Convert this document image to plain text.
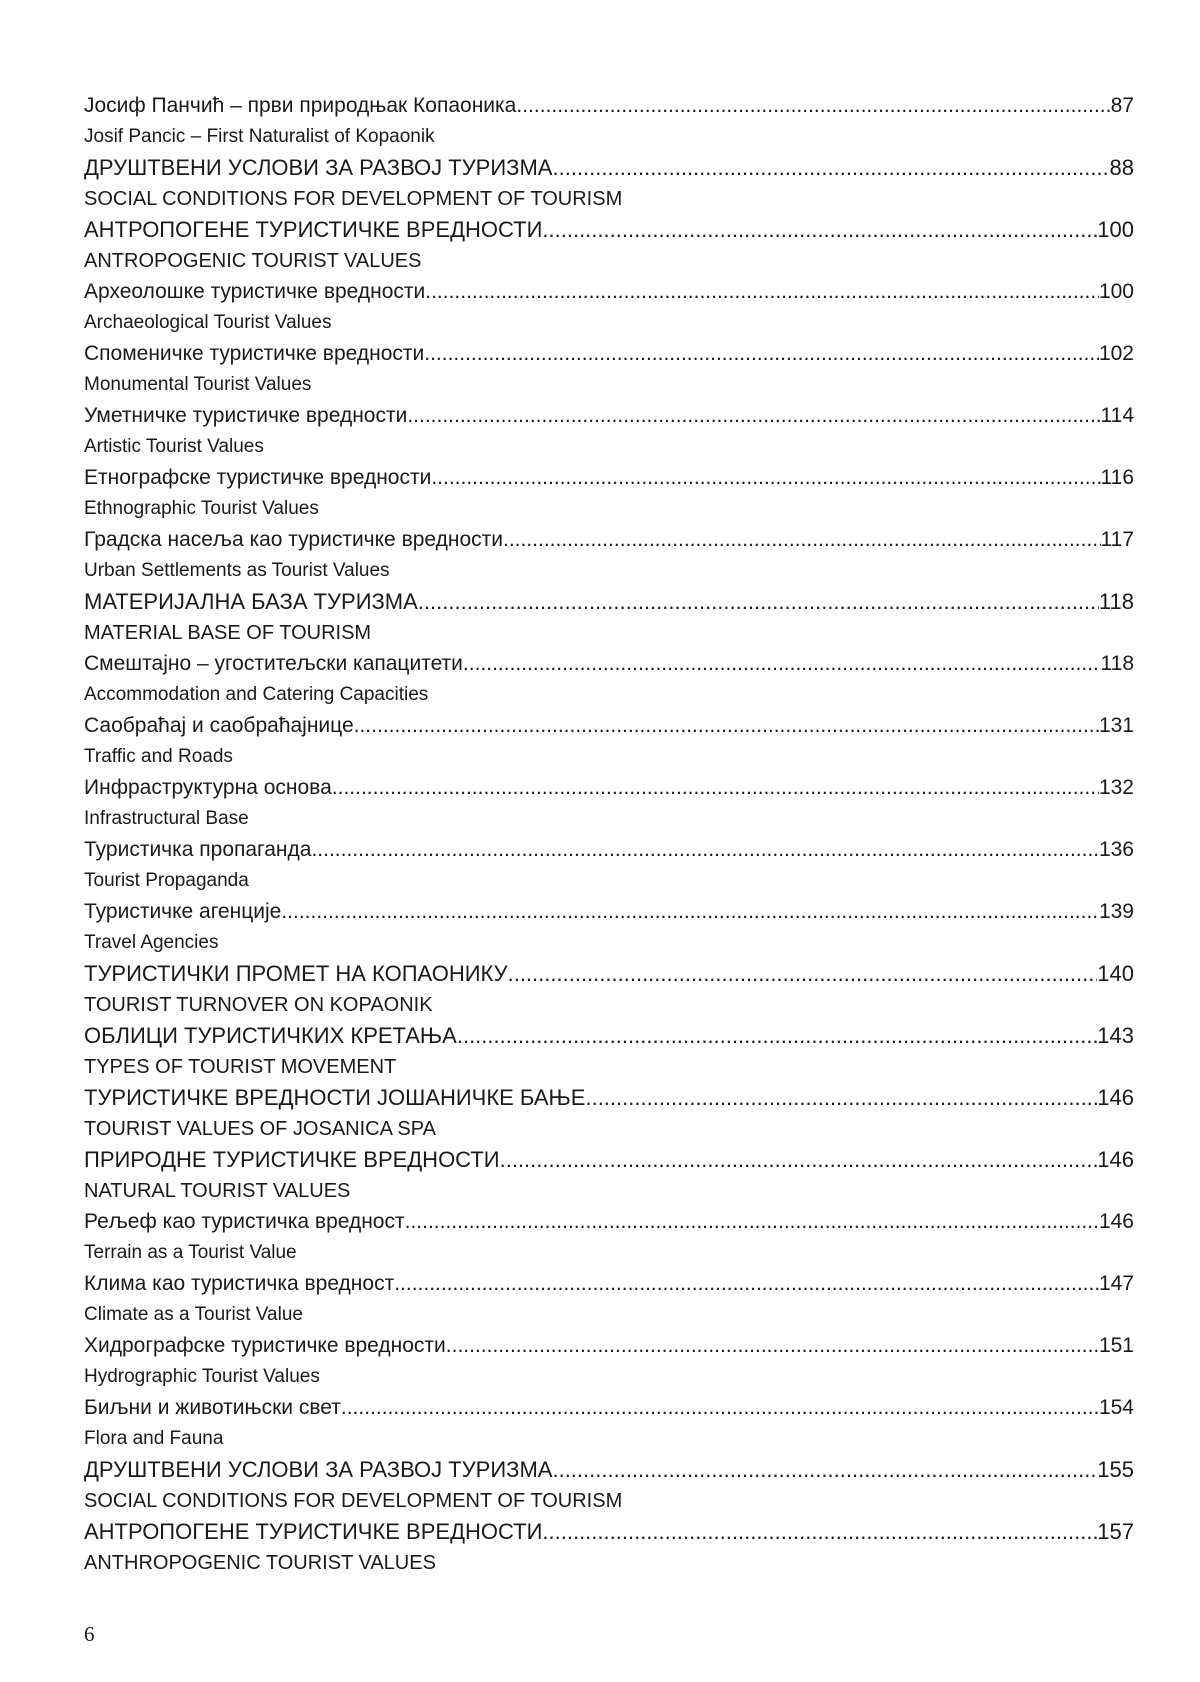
Јосиф Панчић – први природњак Копаоника .....	87
Josif Pancic – First Naturalist of Kopaonik
ДРУШТВЕНИ УСЛОВИ ЗА РАЗВОЈ ТУРИЗМА .....	88
SOCIAL CONDITIONS FOR DEVELOPMENT OF TOURISM
АНТРОПОГЕНЕ ТУРИСТИЧКЕ ВРЕДНОСТИ .....	100
ANTROPOGENIC TOURIST VALUES
Археолошке туристичке вредности .....	100
Archaeological Tourist Values
Споменичке туристичке вредности .....	102
Monumental Tourist Values
Уметничке туристичке вредности .....	114
Artistic Tourist Values
Етнографске туристичке вредности .....	116
Ethnographic Tourist Values
Градска насеља као туристичке вредности .....	117
Urban Settlements as Tourist Values
МАТЕРИЈАЛНА БАЗА ТУРИЗМА .....	118
MATERIAL BASE OF TOURISM
Смештајно – угоститељски капацитети .....	118
Accommodation and Catering Capacities
Саобраћај и саобраћајнице .....	131
Traffic and Roads
Инфраструктурна основа .....	132
Infrastructural Base
Туристичка пропаганда .....	136
Tourist Propaganda
Туристичке агенције .....	139
Travel Agencies
ТУРИСТИЧКИ ПРОМЕТ НА КОПАОНИКУ .....	140
TOURIST TURNOVER ON KOPAONIK
ОБЛИЦИ ТУРИСТИЧКИХ КРЕТАЊА .....	143
TYPES OF TOURIST MOVEMENT
ТУРИСТИЧКЕ ВРЕДНОСТИ ЈОШАНИЧКЕ БАЊЕ .....	146
TOURIST VALUES OF JOSANICA SPA
ПРИРОДНЕ ТУРИСТИЧКЕ ВРЕДНОСТИ .....	146
NATURAL TOURIST VALUES
Рељеф као туристичка вредност .....	146
Terrain as a Tourist Value
Клима као туристичка вредност .....	147
Climate as a Tourist Value
Хидрографске туристичке вредности .....	151
Hydrographic Tourist Values
Биљни и животињски свет .....	154
Flora and Fauna
ДРУШТВЕНИ УСЛОВИ ЗА РАЗВОЈ ТУРИЗМА .....	155
SOCIAL CONDITIONS FOR DEVELOPMENT OF TOURISM
АНТРОПОГЕНЕ ТУРИСТИЧКЕ ВРЕДНОСТИ .....	157
ANTHROPOGENIC TOURIST VALUES
6
